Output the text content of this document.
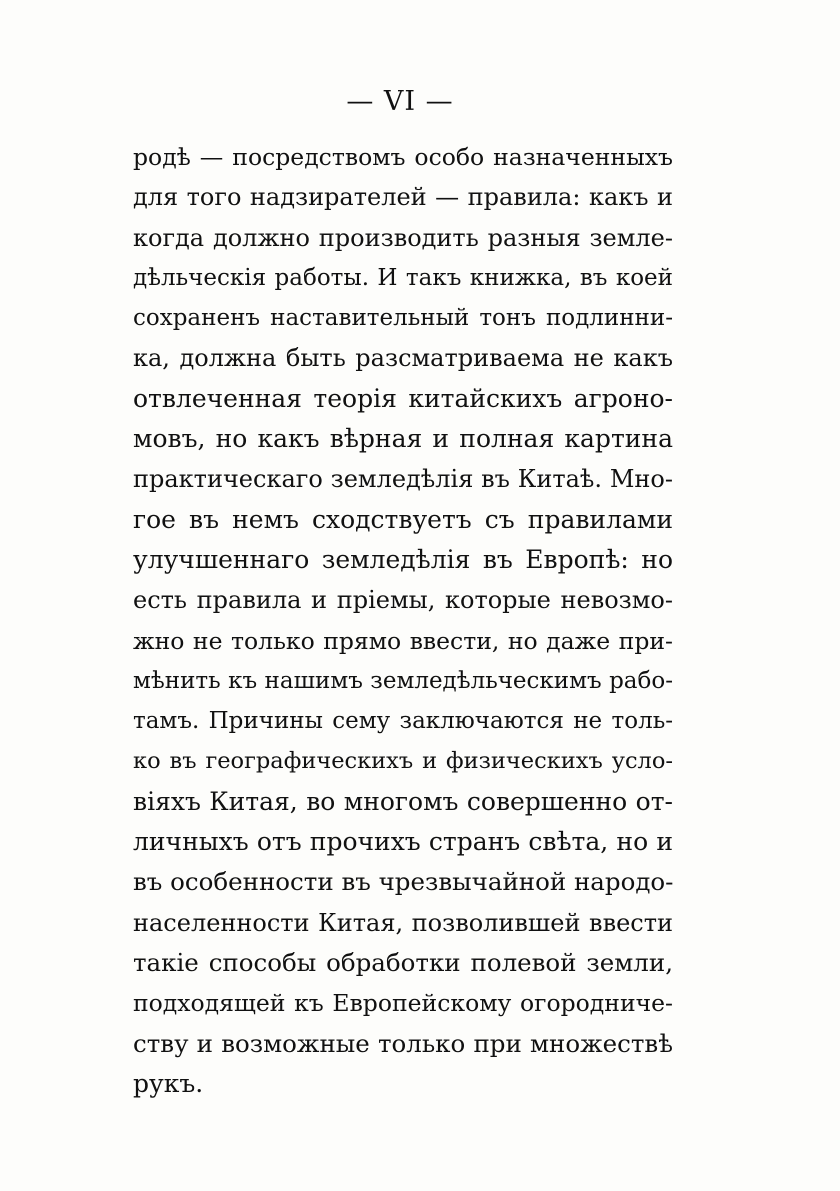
— VI —
родѣ — посредствомъ особо назначенныхъ
для того надзирателей — правила: какъ и
когда должно производить разныя земле-
дѣльческія работы. И такъ книжка, въ коей
сохраненъ наставительный тонъ подлинни-
ка, должна быть разсматриваема не какъ
отвлеченная теорія китайскихъ агроно-
мовъ, но какъ вѣрная и полная картина
практическаго земледѣлія въ Китаѣ. Мно-
гое въ немъ сходствуетъ съ правилами
улучшеннаго земледѣлія въ Европѣ: но
есть правила и пріемы, которые невозмо-
жно не только прямо ввести, но даже при-
мѣнить къ нашимъ земледѣльческимъ рабо-
тамъ. Причины сему заключаются не толь-
ко въ географическихъ и физическихъ усло-
віяхъ Китая, во многомъ совершенно от-
личныхъ отъ прочихъ странъ свѣта, но и
въ особенности въ чрезвычайной народо-
населенности Китая, позволившей ввести
такіе способы обработки полевой земли,
подходящей къ Европейскому огородниче-
ству и возможные только при множествѣ
рукъ.
